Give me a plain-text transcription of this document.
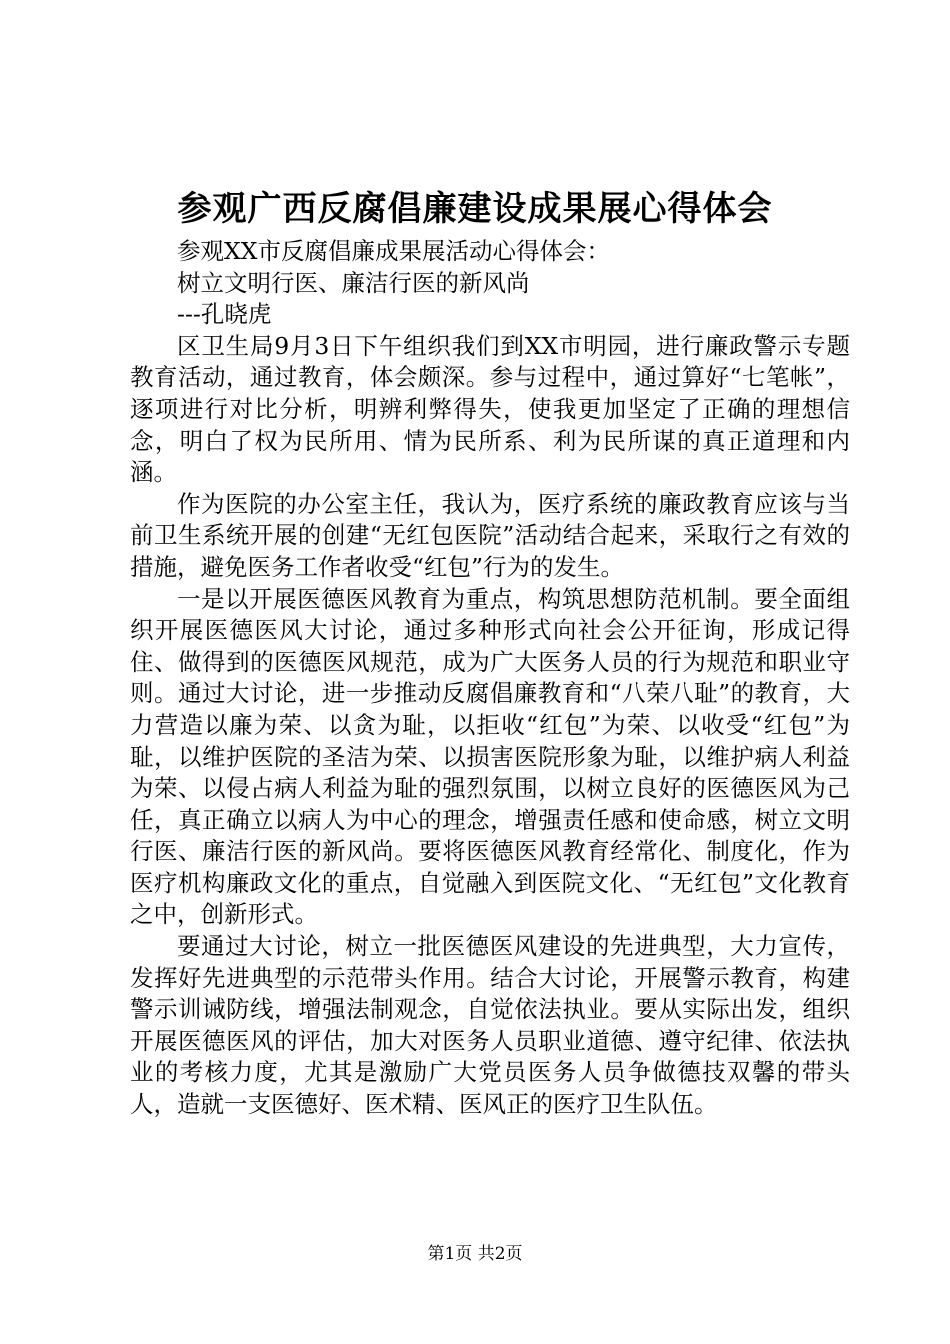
参观广西反腐倡廉建设成果展心得体会

参观XX市反腐倡廉成果展活动心得体会：

树立文明行医、廉洁行医的新风尚

---孔晓虎

区卫生局9月3日下午组织我们到XX市明园，进行廉政警示专题教育活动，通过教育，体会颇深。参与过程中，通过算好“七笔帐”，逐项进行对比分析，明辨利弊得失，使我更加坚定了正确的理想信念，明白了权为民所用、情为民所系、利为民所谋的真正道理和内涵。

作为医院的办公室主任，我认为，医疗系统的廉政教育应该与当前卫生系统开展的创建“无红包医院”活动结合起来，采取行之有效的措施，避免医务工作者收受“红包”行为的发生。

一是以开展医德医风教育为重点，构筑思想防范机制。要全面组织开展医德医风大讨论，通过多种形式向社会公开征询，形成记得住、做得到的医德医风规范，成为广大医务人员的行为规范和职业守则。通过大讨论，进一步推动反腐倡廉教育和“八荣八耻”的教育，大力营造以廉为荣、以贪为耻，以拒收“红包”为荣、以收受“红包”为耻，以维护医院的圣洁为荣、以损害医院形象为耻，以维护病人利益为荣、以侵占病人利益为耻的强烈氛围，以树立良好的医德医风为己任，真正确立以病人为中心的理念，增强责任感和使命感，树立文明行医、廉洁行医的新风尚。要将医德医风教育经常化、制度化，作为医疗机构廉政文化的重点，自觉融入到医院文化、“无红包”文化教育之中，创新形式。

要通过大讨论，树立一批医德医风建设的先进典型，大力宣传，发挥好先进典型的示范带头作用。结合大讨论，开展警示教育，构建警示训诫防线，增强法制观念，自觉依法执业。要从实际出发，组织开展医德医风的评估，加大对医务人员职业道德、遵守纪律、依法执业的考核力度，尤其是激励广大党员医务人员争做德技双馨的带头人，造就一支医德好、医术精、医风正的医疗卫生队伍。

第1页 共2页
